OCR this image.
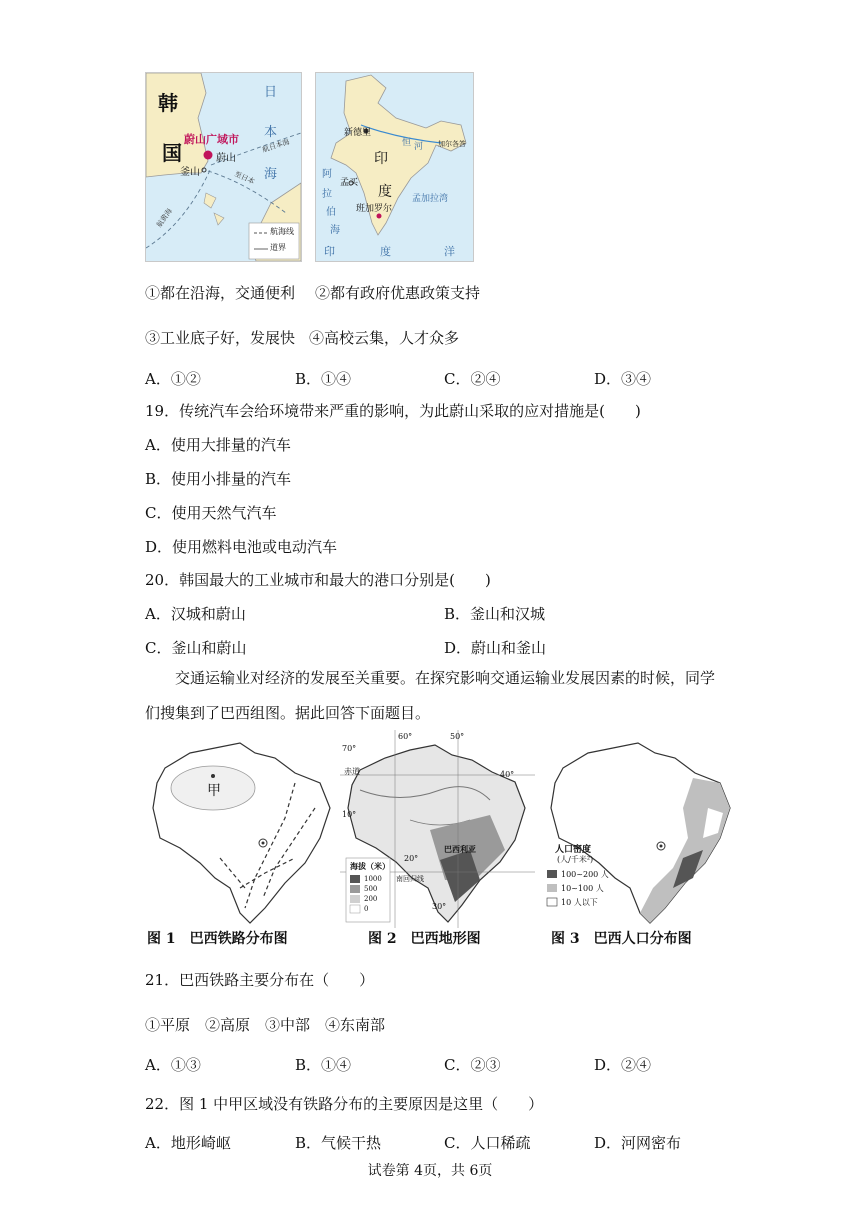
韩
国
日
本
海
蔚山广域市
蔚山
釜山
航日本海
至日本
航黄海
航海线
道界
新德里
印
度
恒 河
孟买
班加罗尔
阿
拉
伯
海
孟加拉湾
印	度	洋
加尔各答
①都在沿海，交通便利 ②都有政府优惠政策支持
③工业底子好，发展快 ④高校云集，人才众多
A．①②	B．①④	C．②④	D．③④
19．传统汽车会给环境带来严重的影响，为此蔚山采取的应对措施是(　　)
A．使用大排量的汽车
B．使用小排量的汽车
C．使用天然气汽车
D．使用燃料电池或电动汽车
20．韩国最大的工业城市和最大的港口分别是(　　)
A．汉城和蔚山	B．釜山和汉城
C．釜山和蔚山	D．蔚山和釜山
交通运输业对经济的发展至关重要。在探究影响交通运输业发展因素的时候，同学
们搜集到了巴西组图。据此回答下面题目。
甲
图 1　巴西铁路分布图
60°	50°
70°
40°
10°
20°
30°
赤道
巴西利亚
南回归线
海拔（米）
1000
500
200
0
图 2　巴西地形图
人口密度
(人/千米²)
100~200 人
10~100 人
10 人以下
图 3　巴西人口分布图
21．巴西铁路主要分布在（　　）
①平原　②高原　③中部　④东南部
A．①③	B．①④	C．②③	D．②④
22．图 1 中甲区域没有铁路分布的主要原因是这里（　　）
A．地形崎岖	B．气候干热	C．人口稀疏	D．河网密布
试卷第 4页，共 6页
